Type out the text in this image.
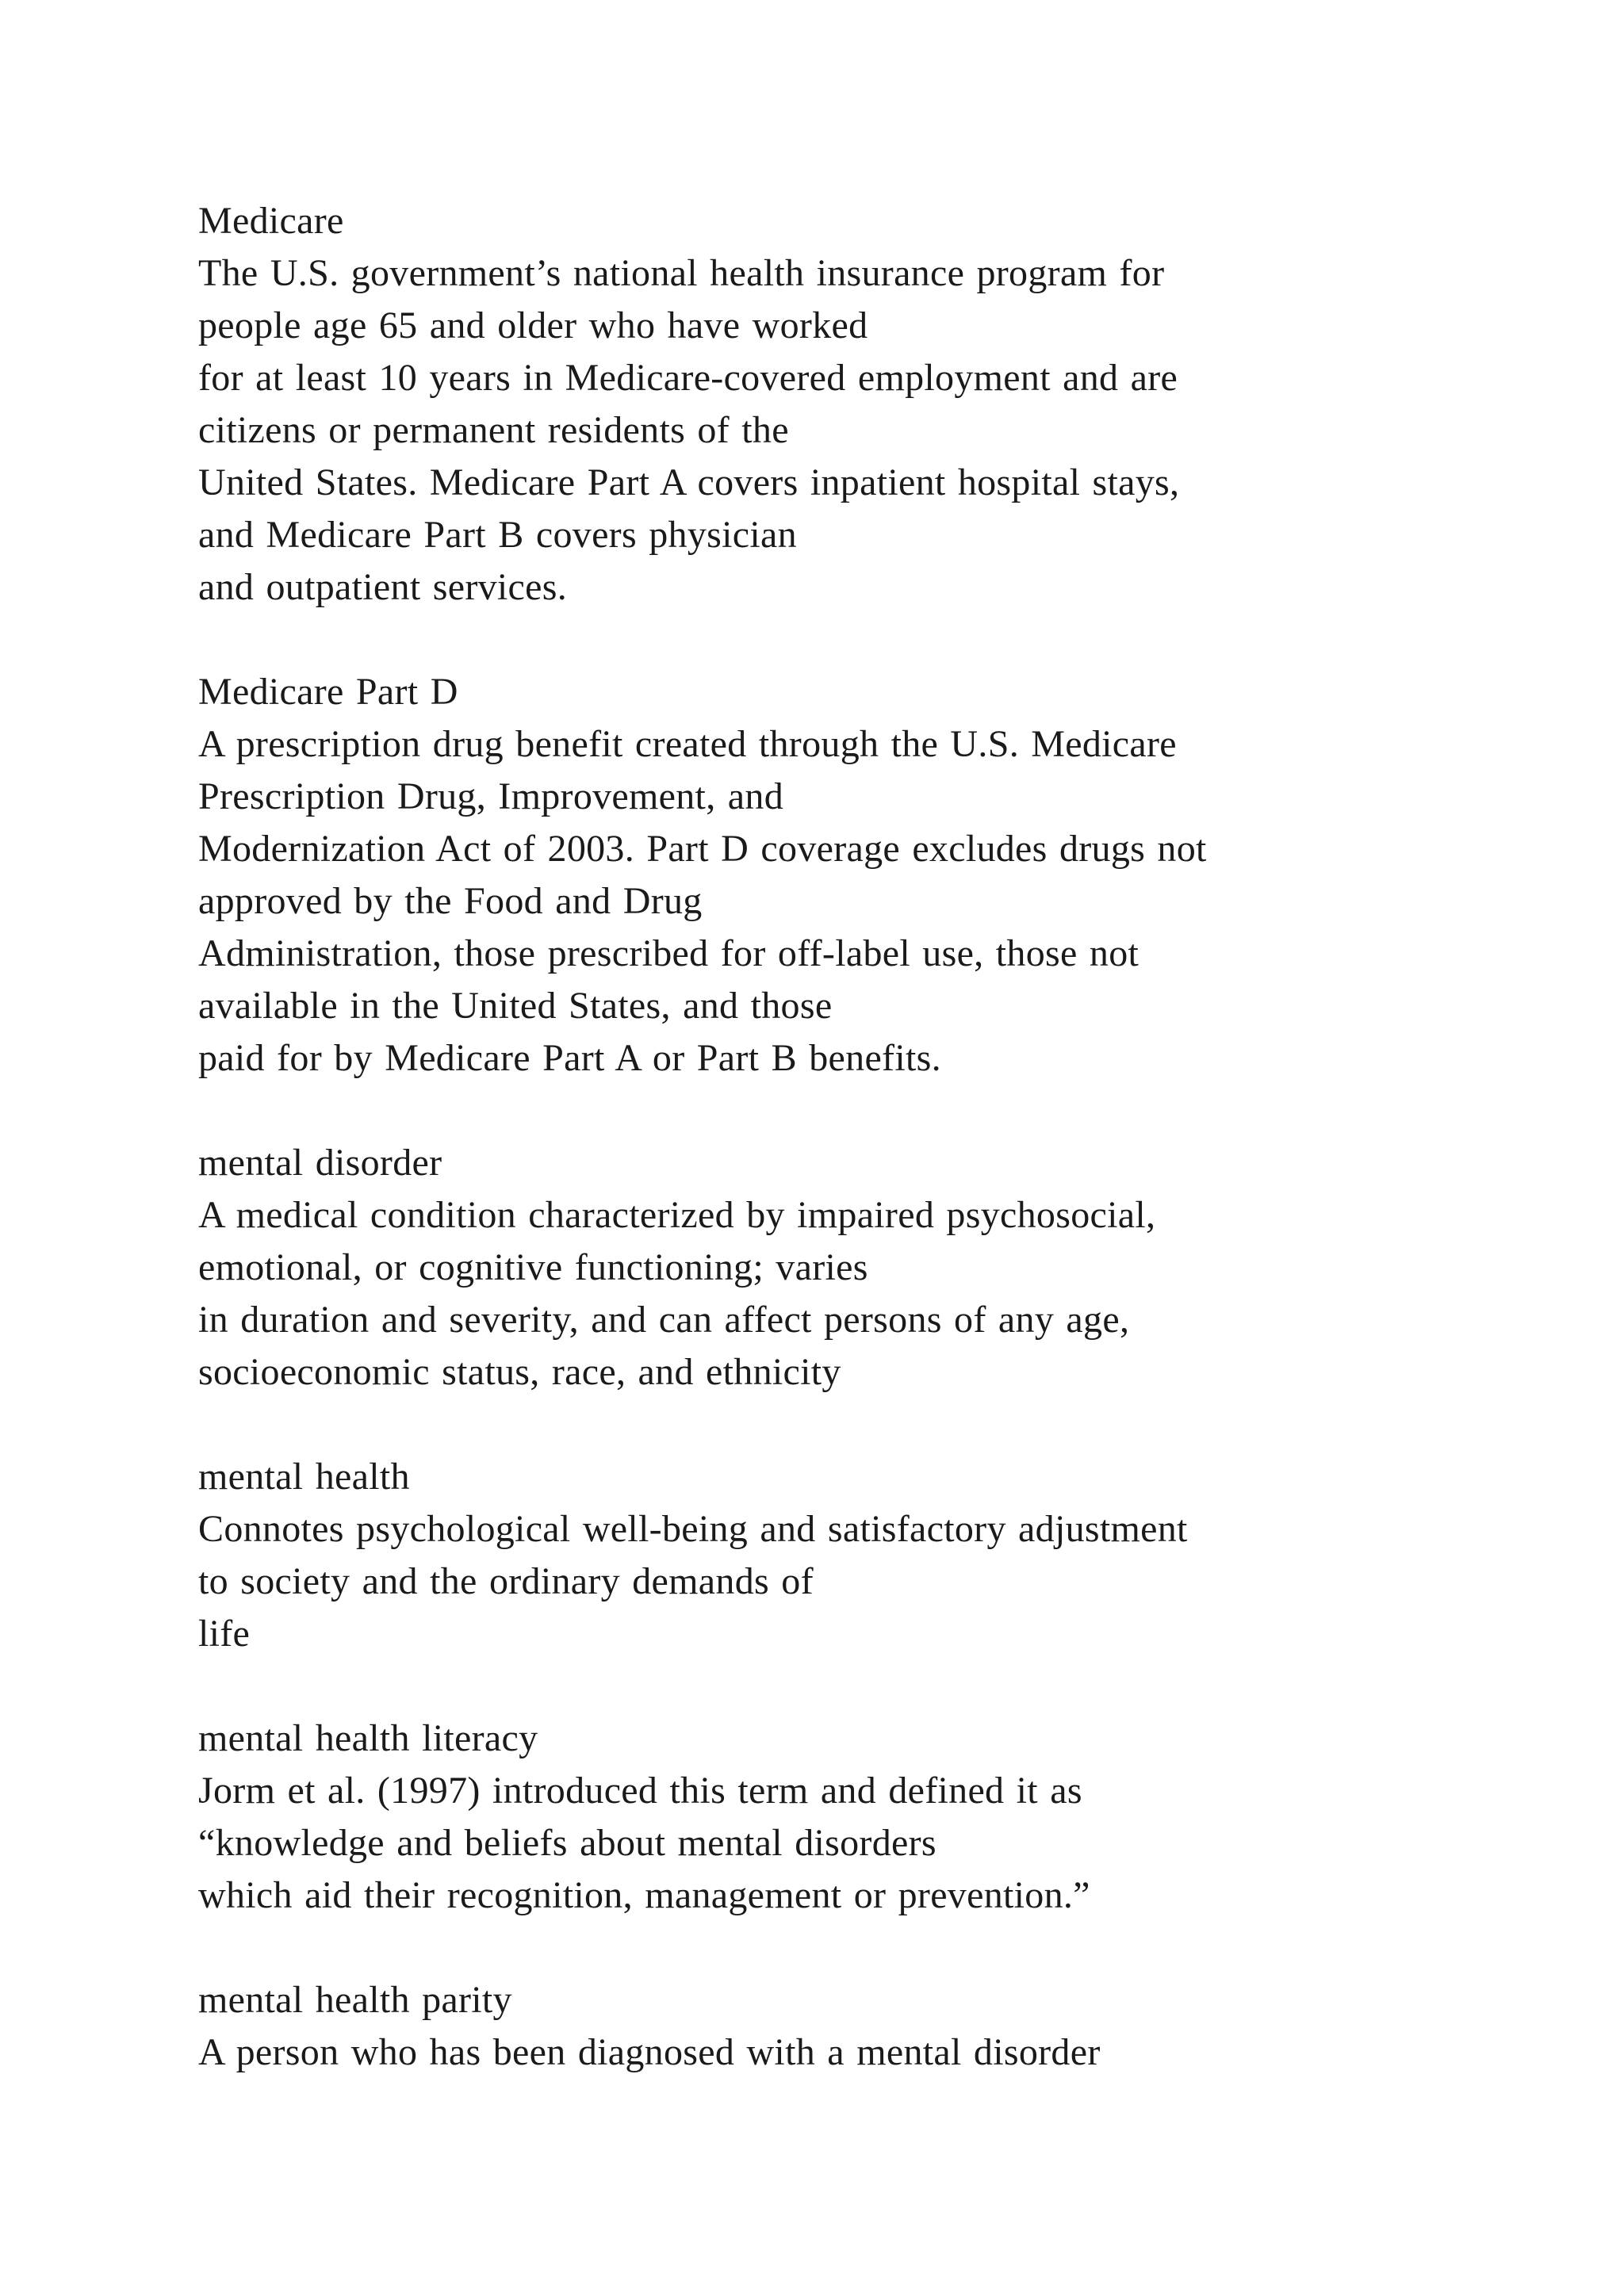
Medicare
The U.S. government’s national health insurance program for
people age 65 and older who have worked
for at least 10 years in Medicare-covered employment and are
citizens or permanent residents of the
United States. Medicare Part A covers inpatient hospital stays,
and Medicare Part B covers physician
and outpatient services.
Medicare Part D
A prescription drug benefit created through the U.S. Medicare
Prescription Drug, Improvement, and
Modernization Act of 2003. Part D coverage excludes drugs not
approved by the Food and Drug
Administration, those prescribed for off-label use, those not
available in the United States, and those
paid for by Medicare Part A or Part B benefits.
mental disorder
A medical condition characterized by impaired psychosocial,
emotional, or cognitive functioning; varies
in duration and severity, and can affect persons of any age,
socioeconomic status, race, and ethnicity
mental health
Connotes psychological well-being and satisfactory adjustment
to society and the ordinary demands of
life
mental health literacy
Jorm et al. (1997) introduced this term and defined it as
“knowledge and beliefs about mental disorders
which aid their recognition, management or prevention.”
mental health parity
A person who has been diagnosed with a mental disorder
